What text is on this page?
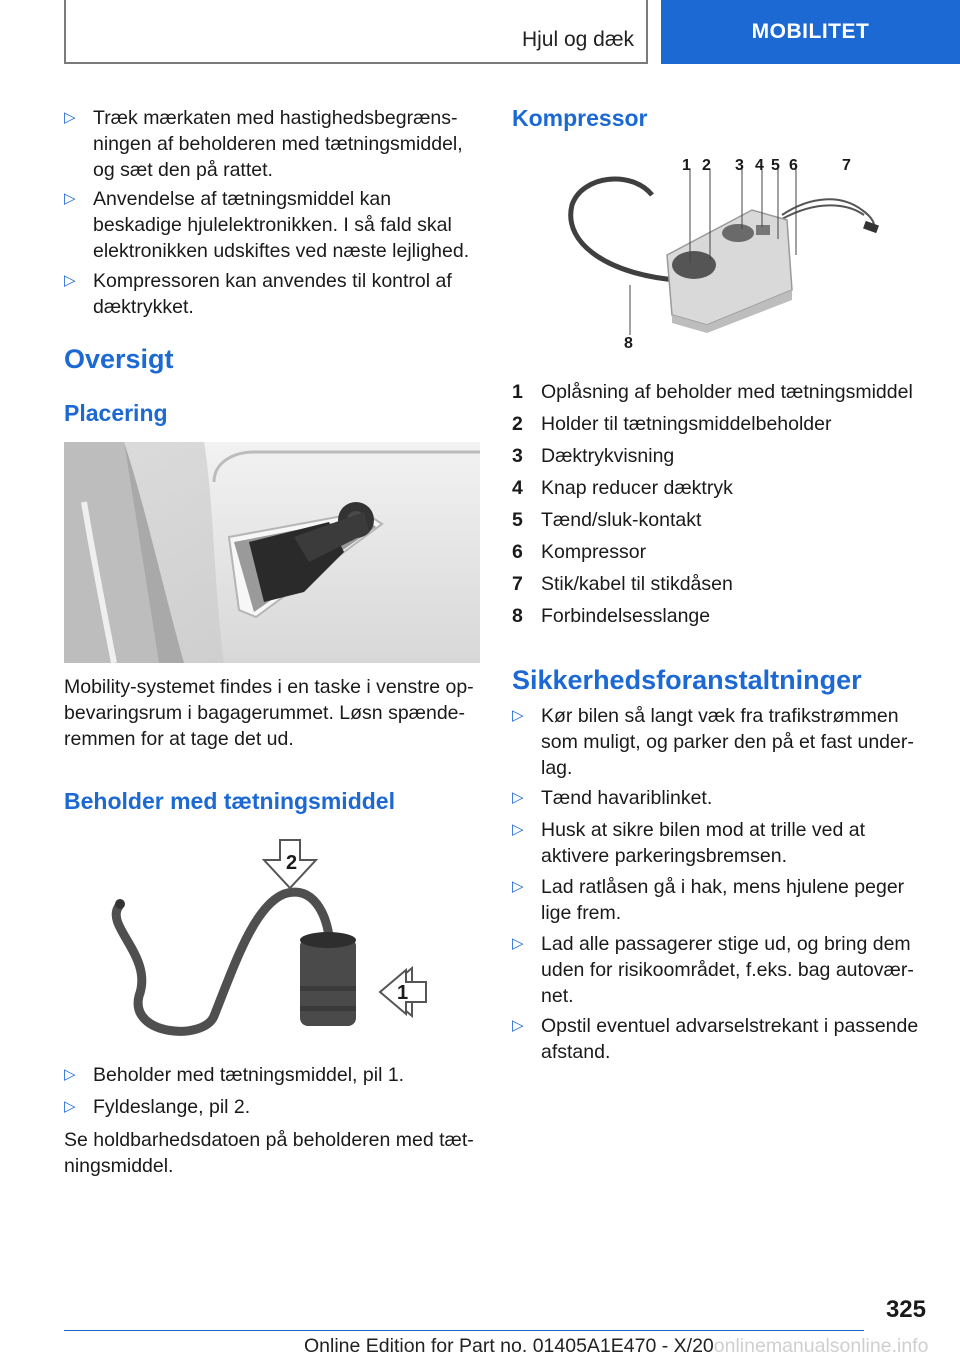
Hjul og dæk	MOBILITET
▷ Træk mærkaten med hastighedsbegræns-ningen af beholderen med tætningsmiddel, og sæt den på rattet.
▷ Anvendelse af tætningsmiddel kan beskadige hjulelektronikken. I så fald skal elektronikken udskiftes ved næste lejlighed.
▷ Kompressoren kan anvendes til kontrol af dæktrykket.
Oversigt
Placering
Mobility-systemet findes i en taske i venstre op-bevaringsrum i bagagerummet. Løsn spænde-remmen for at tage det ud.
Beholder med tætningsmiddel
2
1
▷ Beholder med tætningsmiddel, pil 1.
▷ Fyldeslange, pil 2.
Se holdbarhedsdatoen på beholderen med tæt-ningsmiddel.
Kompressor
1 2 3 4 5 6	7
8
1 Oplåsning af beholder med tætningsmiddel
2 Holder til tætningsmiddelbeholder
3 Dæktrykvisning
4 Knap reducer dæktryk
5 Tænd/sluk-kontakt
6 Kompressor
7 Stik/kabel til stikdåsen
8 Forbindelsesslange
Sikkerhedsforanstaltninger
▷ Kør bilen så langt væk fra trafikstrømmen som muligt, og parker den på et fast under-lag.
▷ Tænd havariblinket.
▷ Husk at sikre bilen mod at trille ved at aktivere parkeringsbremsen.
▷ Lad ratlåsen gå i hak, mens hjulene peger lige frem.
▷ Lad alle passagerer stige ud, og bring dem uden for risikoområdet, f.eks. bag autovær-net.
▷ Opstil eventuel advarselstrekant i passende afstand.
325
Online Edition for Part no. 01405A1E470 - X/20onlinemanualsonline.info
